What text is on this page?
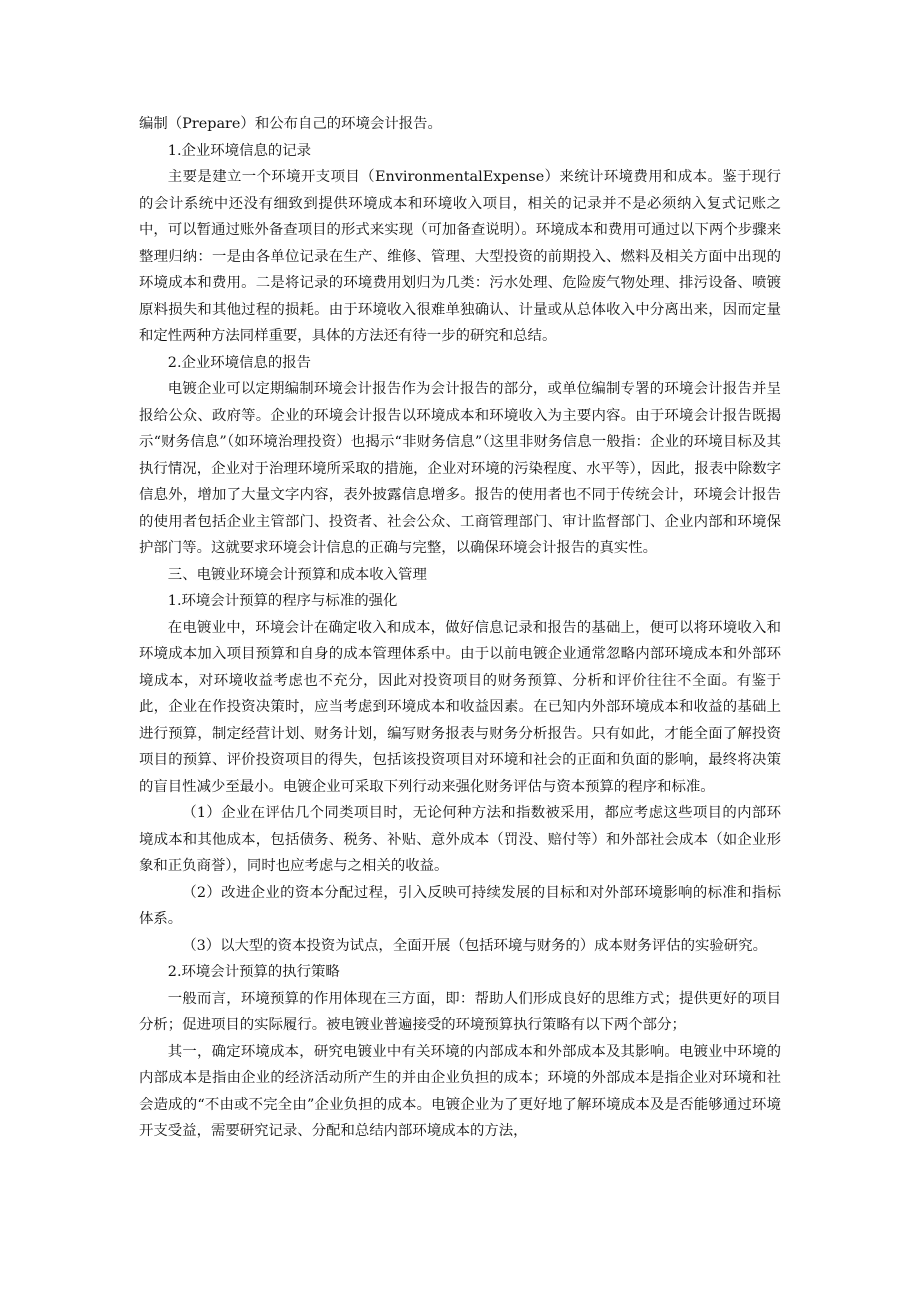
编制（Prepare）和公布自己的环境会计报告。

1.企业环境信息的记录

主要是建立一个环境开支项目（EnvironmentalExpense）来统计环境费用和成本。鉴于现行的会计系统中还没有细致到提供环境成本和环境收入项目，相关的记录并不是必须纳入复式记账之中，可以暂通过账外备查项目的形式来实现（可加备查说明）。环境成本和费用可通过以下两个步骤来整理归纳：一是由各单位记录在生产、维修、管理、大型投资的前期投入、燃料及相关方面中出现的环境成本和费用。二是将记录的环境费用划归为几类：污水处理、危险废气物处理、排污设备、喷镀原料损失和其他过程的损耗。由于环境收入很难单独确认、计量或从总体收入中分离出来，因而定量和定性两种方法同样重要，具体的方法还有待一步的研究和总结。

2.企业环境信息的报告

电镀企业可以定期编制环境会计报告作为会计报告的部分，或单位编制专署的环境会计报告并呈报给公众、政府等。企业的环境会计报告以环境成本和环境收入为主要内容。由于环境会计报告既揭示“财务信息”（如环境治理投资）也揭示“非财务信息”（这里非财务信息一般指：企业的环境目标及其执行情况，企业对于治理环境所采取的措施，企业对环境的污染程度、水平等），因此，报表中除数字信息外，增加了大量文字内容，表外披露信息增多。报告的使用者也不同于传统会计，环境会计报告的使用者包括企业主管部门、投资者、社会公众、工商管理部门、审计监督部门、企业内部和环境保护部门等。这就要求环境会计信息的正确与完整，以确保环境会计报告的真实性。

三、电镀业环境会计预算和成本收入管理

1.环境会计预算的程序与标准的强化

在电镀业中，环境会计在确定收入和成本，做好信息记录和报告的基础上，便可以将环境收入和环境成本加入项目预算和自身的成本管理体系中。由于以前电镀企业通常忽略内部环境成本和外部环境成本，对环境收益考虑也不充分，因此对投资项目的财务预算、分析和评价往往不全面。有鉴于此，企业在作投资决策时，应当考虑到环境成本和收益因素。在已知内外部环境成本和收益的基础上进行预算，制定经营计划、财务计划，编写财务报表与财务分析报告。只有如此，才能全面了解投资项目的预算、评价投资项目的得失，包括该投资项目对环境和社会的正面和负面的影响，最终将决策的盲目性减少至最小。电镀企业可采取下列行动来强化财务评估与资本预算的程序和标准。

（1）企业在评估几个同类项目时，无论何种方法和指数被采用，都应考虑这些项目的内部环境成本和其他成本，包括债务、税务、补贴、意外成本（罚没、赔付等）和外部社会成本（如企业形象和正负商誉），同时也应考虑与之相关的收益。

（2）改进企业的资本分配过程，引入反映可持续发展的目标和对外部环境影响的标准和指标体系。

（3）以大型的资本投资为试点，全面开展（包括环境与财务的）成本财务评估的实验研究。

2.环境会计预算的执行策略

一般而言，环境预算的作用体现在三方面，即：帮助人们形成良好的思维方式；提供更好的项目分析；促进项目的实际履行。被电镀业普遍接受的环境预算执行策略有以下两个部分；

其一，确定环境成本，研究电镀业中有关环境的内部成本和外部成本及其影响。电镀业中环境的内部成本是指由企业的经济活动所产生的并由企业负担的成本；环境的外部成本是指企业对环境和社会造成的“不由或不完全由”企业负担的成本。电镀企业为了更好地了解环境成本及是否能够通过环境开支受益，需要研究记录、分配和总结内部环境成本的方法，
